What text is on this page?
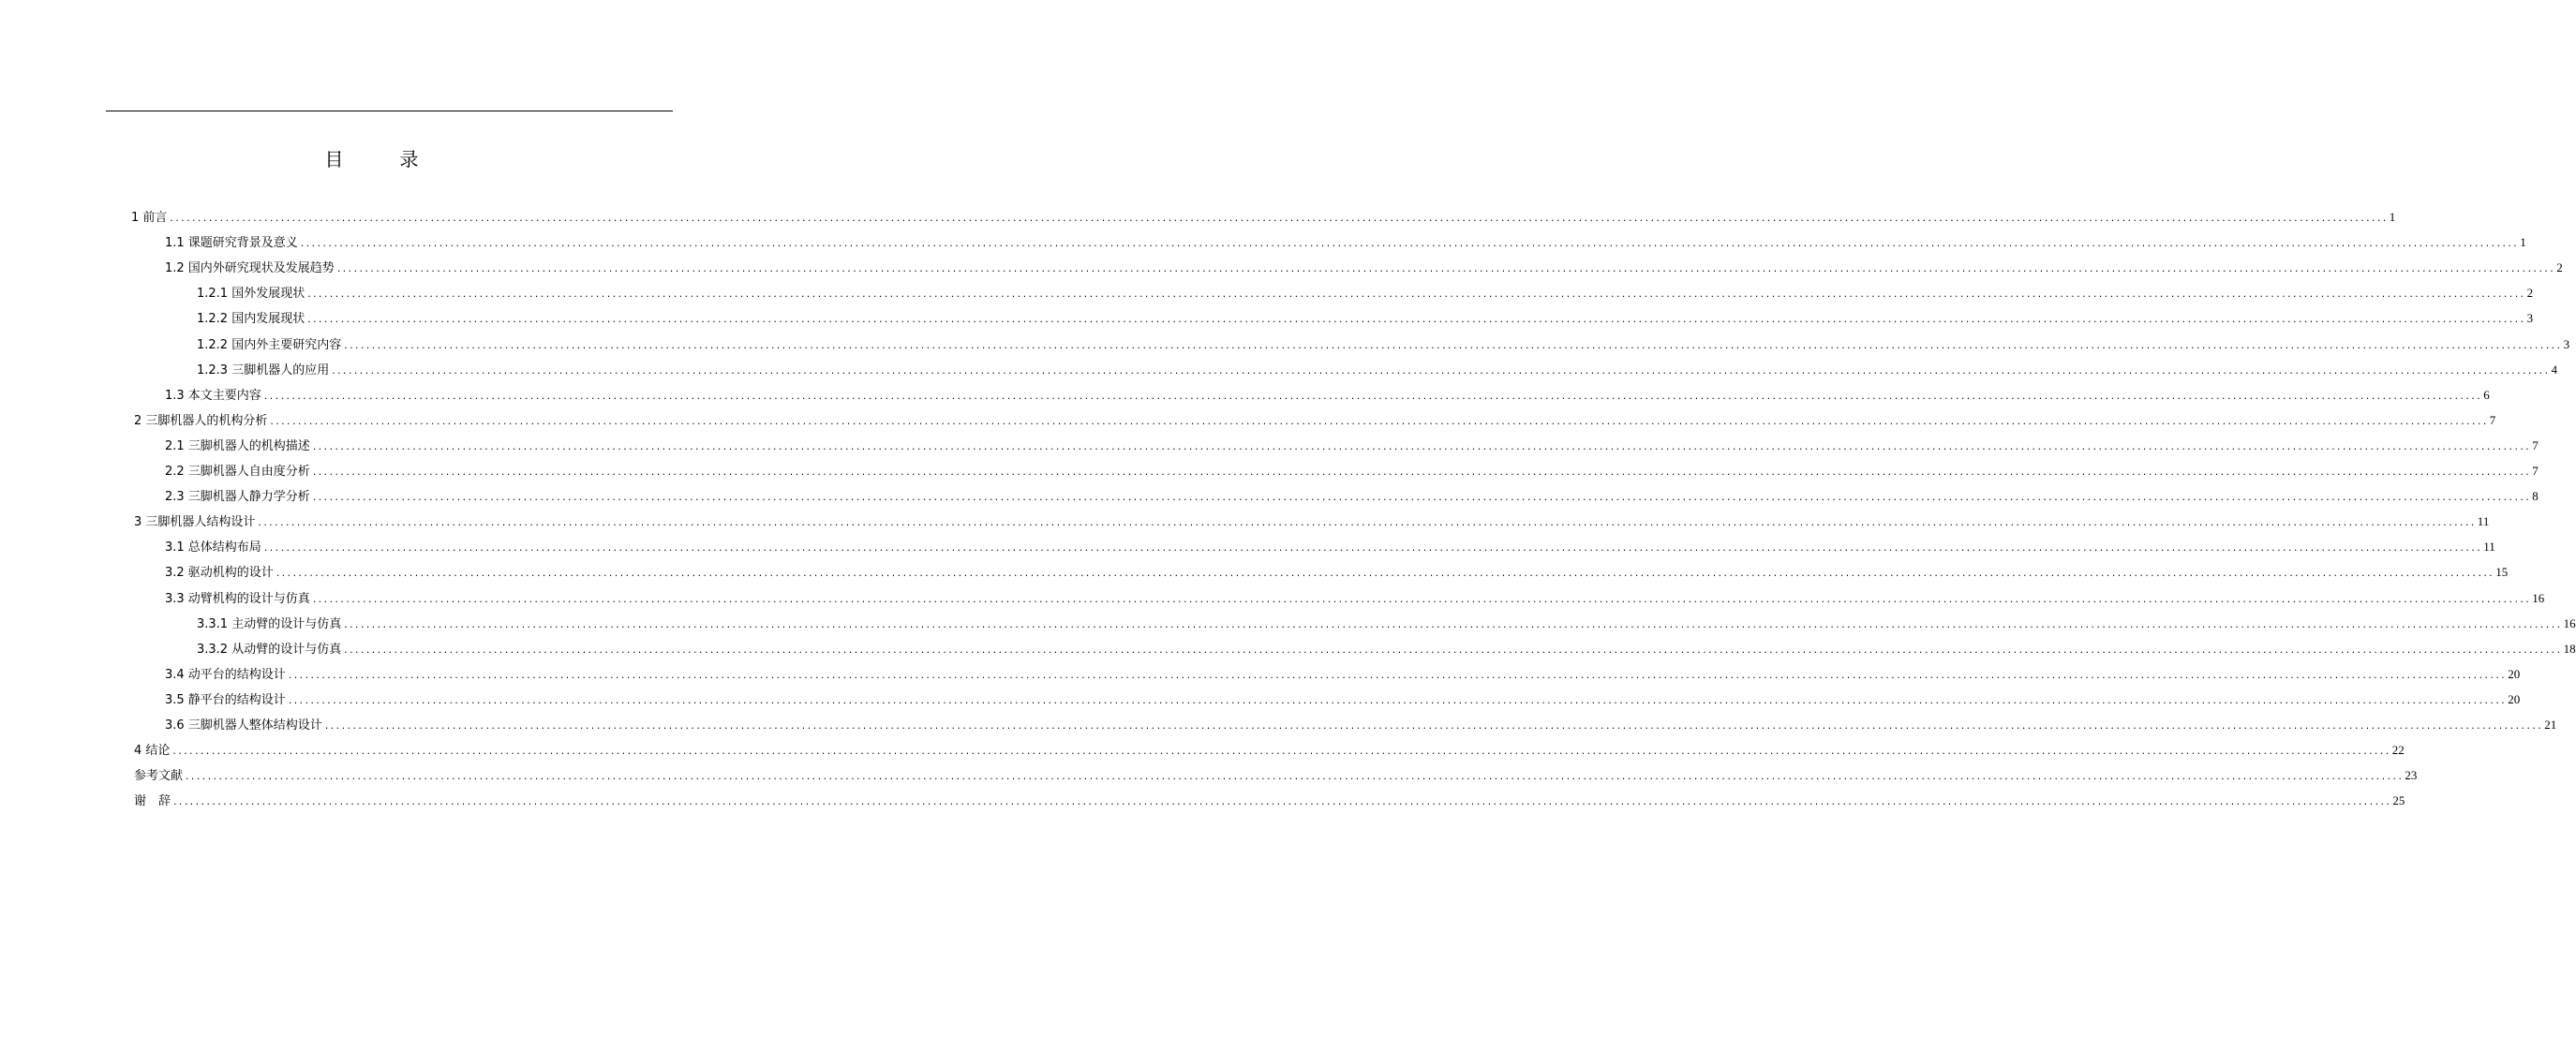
目　录
1 前言 ................................................................................................................................................................................................................................................................................................................................................................................................................ 1
1.1 课题研究背景及意义 ................................................................................................................................................................................................................................................................................................................................................................................................................ 1
1.2 国内外研究现状及发展趋势 ................................................................................................................................................................................................................................................................................................................................................................................................................ 2
1.2.1 国外发展现状 ................................................................................................................................................................................................................................................................................................................................................................................................................ 2
1.2.2 国内发展现状 ................................................................................................................................................................................................................................................................................................................................................................................................................ 3
1.2.2 国内外主要研究内容 ................................................................................................................................................................................................................................................................................................................................................................................................................ 3
1.2.3 三脚机器人的应用 ................................................................................................................................................................................................................................................................................................................................................................................................................ 4
1.3 本文主要内容 ................................................................................................................................................................................................................................................................................................................................................................................................................ 6
2 三脚机器人的机构分析 ................................................................................................................................................................................................................................................................................................................................................................................................................ 7
2.1 三脚机器人的机构描述 ................................................................................................................................................................................................................................................................................................................................................................................................................ 7
2.2 三脚机器人自由度分析 ................................................................................................................................................................................................................................................................................................................................................................................................................ 7
2.3 三脚机器人静力学分析 ................................................................................................................................................................................................................................................................................................................................................................................................................ 8
3 三脚机器人结构设计 ................................................................................................................................................................................................................................................................................................................................................................................................................ 11
3.1 总体结构布局 ................................................................................................................................................................................................................................................................................................................................................................................................................ 11
3.2 驱动机构的设计 ................................................................................................................................................................................................................................................................................................................................................................................................................ 15
3.3 动臂机构的设计与仿真 ................................................................................................................................................................................................................................................................................................................................................................................................................ 16
3.3.1 主动臂的设计与仿真 ................................................................................................................................................................................................................................................................................................................................................................................................................ 16
3.3.2 从动臂的设计与仿真 ................................................................................................................................................................................................................................................................................................................................................................................................................ 18
3.4 动平台的结构设计 ................................................................................................................................................................................................................................................................................................................................................................................................................ 20
3.5 静平台的结构设计 ................................................................................................................................................................................................................................................................................................................................................................................................................ 20
3.6 三脚机器人整体结构设计 ................................................................................................................................................................................................................................................................................................................................................................................................................ 21
4 结论 ................................................................................................................................................................................................................................................................................................................................................................................................................ 22
参考文献 ................................................................................................................................................................................................................................................................................................................................................................................................................ 23
谢　辞 ................................................................................................................................................................................................................................................................................................................................................................................................................ 25
